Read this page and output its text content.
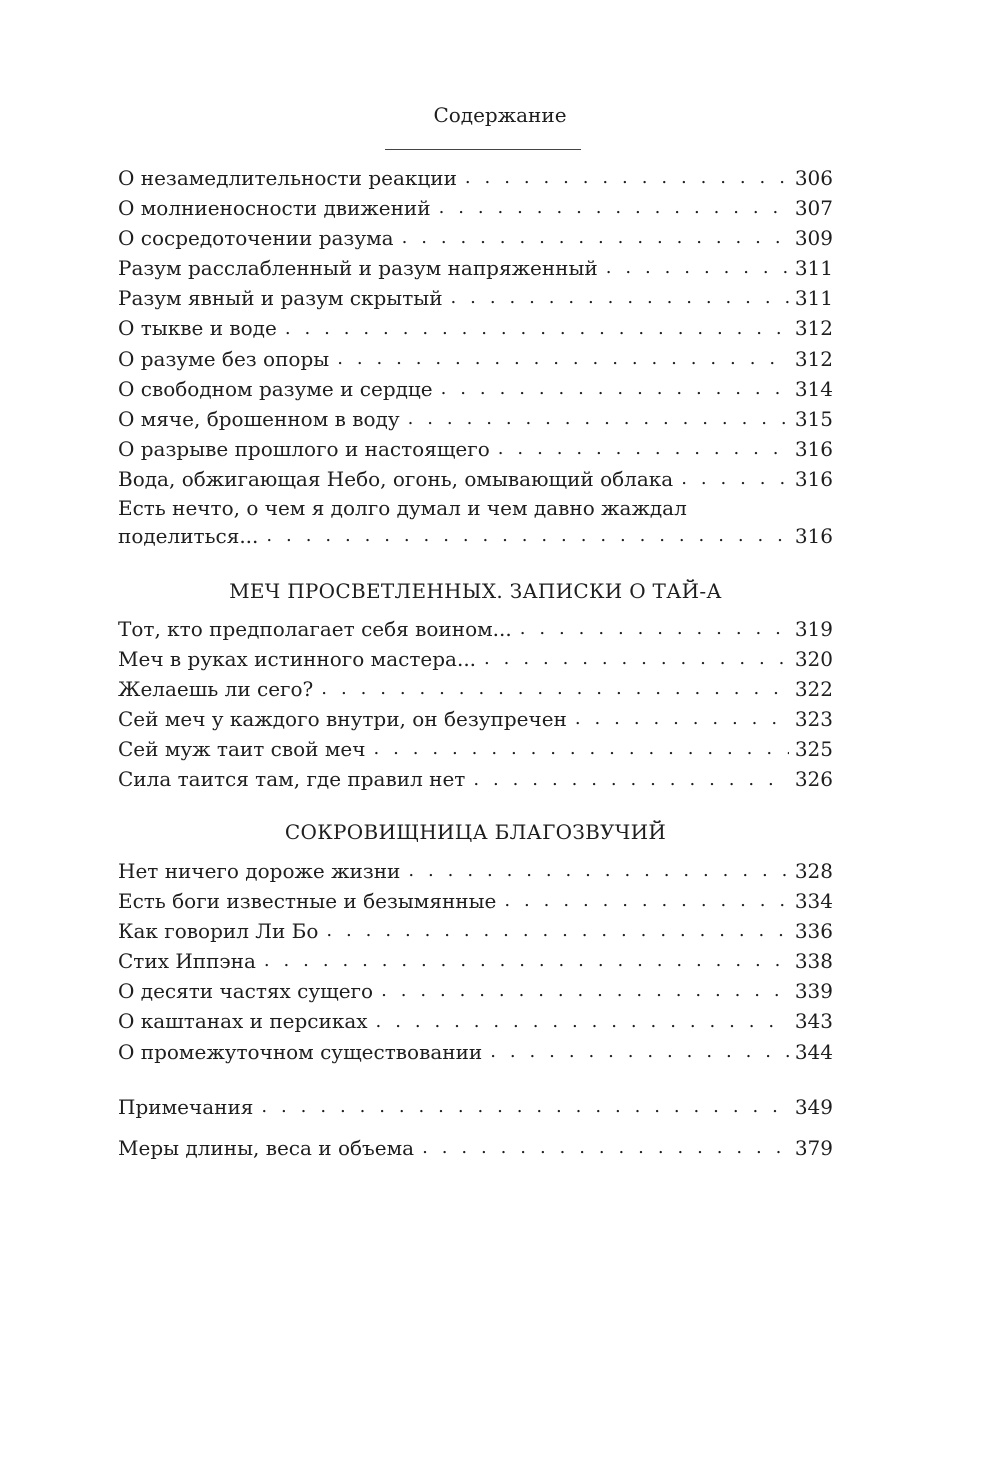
Содержание
О незамедлительности реакции . . .	306
О молниеносности движений . . .	307
О сосредоточении разума . . .	309
Разум расслабленный и разум напряженный . . .	311
Разум явный и разум скрытый . . .	311
О тыкве и воде . . .	312
О разуме без опоры . . .	312
О свободном разуме и сердце . . .	314
О мяче, брошенном в воду . . .	315
О разрыве прошлого и настоящего . . .	316
Вода, обжигающая Небо, огонь, омывающий облака . . .	316
Есть нечто, о чем я долго думал и чем давно жаждал
поделиться... . . .	316
МЕЧ ПРОСВЕТЛЕННЫХ. ЗАПИСКИ О ТАЙ-А
Тот, кто предполагает себя воином... . . .	319
Меч в руках истинного мастера... . . .	320
Желаешь ли сего? . . .	322
Сей меч у каждого внутри, он безупречен . . .	323
Сей муж таит свой меч . . .	325
Сила таится там, где правил нет . . .	326
СОКРОВИЩНИЦА БЛАГОЗВУЧИЙ
Нет ничего дороже жизни . . .	328
Есть боги известные и безымянные . . .	334
Как говорил Ли Бо . . .	336
Стих Иппэна . . .	338
О десяти частях сущего . . .	339
О каштанах и персиках . . .	343
О промежуточном существовании . . .	344
Примечания . . .	349
Меры длины, веса и объема . . .	379
